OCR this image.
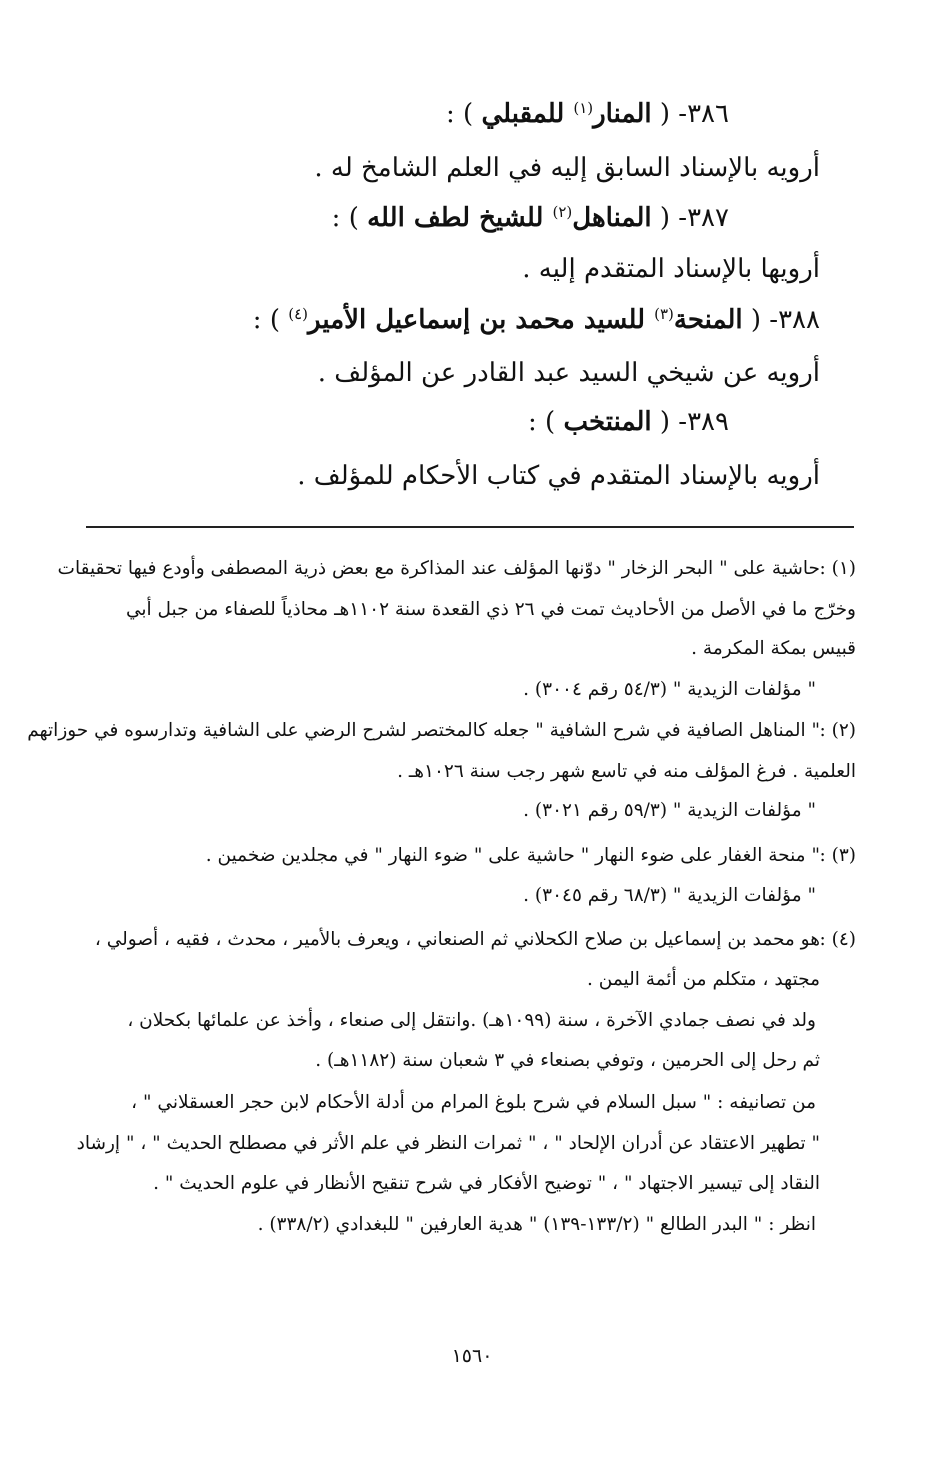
٣٨٦- ( المنار$^{(١)}$ للمقبلي ) :
أرويه بالإسناد السابق إليه في العلم الشامخ له .
٣٨٧- ( المناهل$^{(٢)}$ للشيخ لطف الله ) :
أرويها بالإسناد المتقدم إليه .
٣٨٨- ( المنحة$^{(٣)}$ للسيد محمد بن إسماعيل الأمير$^{(٤)}$ ) :
أرويه عن شيخي السيد عبد القادر عن المؤلف .
٣٨٩- ( المنتخب ) :
أرويه بالإسناد المتقدم في كتاب الأحكام للمؤلف .
(١) :
حاشية على " البحر الزخار " دوّنها المؤلف عند المذاكرة مع بعض ذرية المصطفى وأودع فيها تحقيقات
وخرّج ما في الأصل من الأحاديث تمت في ٢٦ ذي القعدة سنة ١١٠٢هـ محاذياً للصفاء من جبل أبي
قبيس بمكة المكرمة .
" مؤلفات الزيدية " (٥٤/٣ رقم ٣٠٠٤) .
(٢) :
" المناهل الصافية في شرح الشافية " جعله كالمختصر لشرح الرضي على الشافية وتدارسوه في حوزاتهم
العلمية . فرغ المؤلف منه في تاسع شهر رجب سنة ١٠٢٦هـ .
" مؤلفات الزيدية " (٥٩/٣ رقم ٣٠٢١) .
(٣) :
" منحة الغفار على ضوء النهار " حاشية على " ضوء النهار " في مجلدين ضخمين .
" مؤلفات الزيدية " (٦٨/٣ رقم ٣٠٤٥) .
(٤) :
هو محمد بن إسماعيل بن صلاح الكحلاني ثم الصنعاني ، ويعرف بالأمير ، محدث ، فقيه ، أصولي ،
مجتهد ، متكلم من أئمة اليمن .
ولد في نصف جمادي الآخرة ، سنة (١٠٩٩هـ) .وانتقل إلى صنعاء ، وأخذ عن علمائها بكحلان ،
ثم رحل إلى الحرمين ، وتوفي بصنعاء في ٣ شعبان سنة (١١٨٢هـ) .
من تصانيفه : " سبل السلام في شرح بلوغ المرام من أدلة الأحكام لابن حجر العسقلاني " ،
" تطهير الاعتقاد عن أدران الإلحاد " ، " ثمرات النظر في علم الأثر في مصطلح الحديث " ، " إرشاد
النقاد إلى تيسير الاجتهاد " ، " توضيح الأفكار في شرح تنقيح الأنظار في علوم الحديث " .
انظر : " البدر الطالع " (١٣٣/٢-١٣٩) " هدية العارفين " للبغدادي (٣٣٨/٢) .
١٥٦٠
